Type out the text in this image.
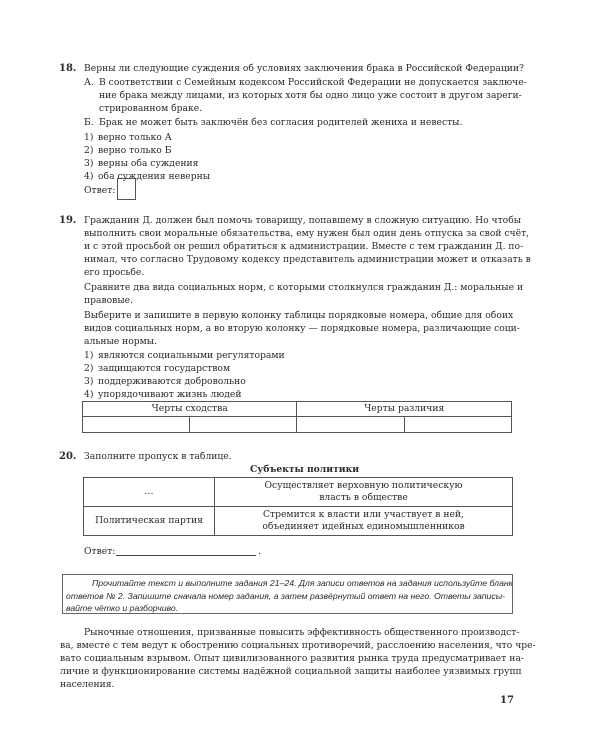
18. Верны ли следующие суждения об условиях заключения брака в Российской Федерации?
А. В соответствии с Семейным кодексом Российской Федерации не допускается заключе-
ние брака между лицами, из которых хотя бы одно лицо уже состоит в другом зареги-
стрированном браке.
Б. Брак не может быть заключён без согласия родителей жениха и невесты.
1) верно только А
2) верно только Б
3) верны оба суждения
4) оба суждения неверны
Ответ:
19. Гражданин Д. должен был помочь товарищу, попавшему в сложную ситуацию. Но чтобы
выполнить свои моральные обязательства, ему нужен был один день отпуска за свой счёт,
и с этой просьбой он решил обратиться к администрации. Вместе с тем гражданин Д. по-
нимал, что согласно Трудовому кодексу представитель администрации может и отказать в
его просьбе.
Сравните два вида социальных норм, с которыми столкнулся гражданин Д.: моральные и
правовые.
Выберите и запишите в первую колонку таблицы порядковые номера, общие для обоих
видов социальных норм, а во вторую колонку — порядковые номера, различающие соци-
альные нормы.
1) являются социальными регуляторами
2) защищаются государством
3) поддерживаются добровольно
4) упорядочивают жизнь людей
Черты сходства		Черты различия	

20. Заполните пропуск в таблице.
Субъекты политики
…	Осуществляет верховную политическую
власть в обществе

Политическая партия	Стремится к власти или участвует в ней,
объединяет идейных единомышленников
Ответ:	.
Прочитайте текст и выполните задания 21–24. Для записи ответов на задания используйте бланк
ответов № 2. Запишите сначала номер задания, а затем развёрнутый ответ на него. Ответы записы-
вайте чётко и разборчиво.
Рыночные отношения, призванные повысить эффективность общественного производст-
ва, вместе с тем ведут к обострению социальных противоречий, расслоению населения, что чре-
вато социальным взрывом. Опыт цивилизованного развития рынка труда предусматривает на-
личие и функционирование системы надёжной социальной защиты наиболее уязвимых групп
населения.
17
